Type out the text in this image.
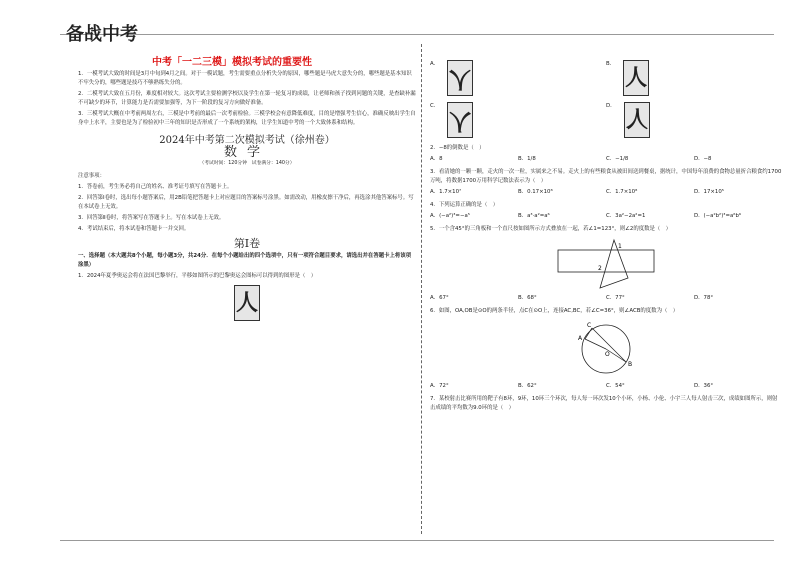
备战中考
中考「一二三模」模拟考试的重要性

1．一模考试大致的时间是3月中旬到4月之间。对于一模试题，考生需要重点分析失分的原因，哪些题是马虎大意失分的，哪些题是基本知识不牢失分的，哪些题是技巧不够熟练失分的。

2．二模考试大致在五月份，难度相对较大。这次考试主要检测学校以及学生在第一轮复习的成绩，让老师和孩子找到问题的关键，是查缺补漏不可缺少的环节，计算能力是否需要加强等，为下一阶段的复习方向做好准备。

3．三模考试大概在中考前两周左右，三模是中考前的最后一次考前检验。三模学校会有意降低难度，目的是增强考生信心，准确反映出学生自身中上水平，主要也是为了检验初中三年的知识是否形成了一个系统的架构，让学生知道中考的一个大致体系和结构。

2024年中考第二次模拟考试（徐州卷）
数学
（考试时间：120分钟　试卷满分：140分）

注意事项：

1．答卷前，考生务必将自己的姓名、准考证号填写在答题卡上。

2．回答第Ⅰ卷时，选出每小题答案后，用2B铅笔把答题卡上对应题目的答案标号涂黑。如需改动，用橡皮擦干净后，再选涂其他答案标号。写在本试卷上无效。

3．回答第Ⅱ卷时，将答案写在答题卡上。写在本试卷上无效。

4．考试结束后，将本试卷和答题卡一并交回。

第Ⅰ卷

一、选择题（本大题共8个小题，每小题3分，共24分．在每个小题给出的四个选项中，只有一项符合题目要求，请选出并在答题卡上将该项涂黑）

1．2024年夏季奥运会将在法国巴黎举行，平移如图所示的巴黎奥运会图标可以得到的图形是（　）

人
A．
人
B．
人
C．
人
D．
人

2．−8的倒数是（　）

A．8	B．1/8	C．−1/8	D．−8

3．看清她的一颗一颗，走火的一次一粒，实属来之不易。走火上的有些粮食从被田间送到餐桌，据统计，中国每年浪费的食物总量折合粮食约1700万吨，将数据1700万用科学记数法表示为（　）

A．1.7×10⁷	B．0.17×10⁸	C．1.7×10⁸	D．17×10⁵

4．下列运算正确的是（　）

A．(−a²)³=−a⁵	B．a³·a²=a⁶	C．3a²−2a²=1	D．(−a²b²)³=a⁶b⁶

5．一个含45°的三角板和一个直尺按如图所示方式叠放在一起，若∠1=123°，则∠2的度数是（　）

1
2
A．67°	B．68°	C．77°	D．78°

6．如图，OA,OB是⊙O的两条半径，点C在⊙O上，连接AC,BC，若∠C=36°，则∠ACB的度数为（　）

C
A
O
B
A．72°	B．62°	C．54°	D．36°

7．某校射击比赛所用的靶子有8环，9环，10环三个环次，每人每一环次发10个小环，小杨、小伦、小宇三人每人射击三次，成绩如图所示，则射击成绩的平均数为9.0环的是（　）
